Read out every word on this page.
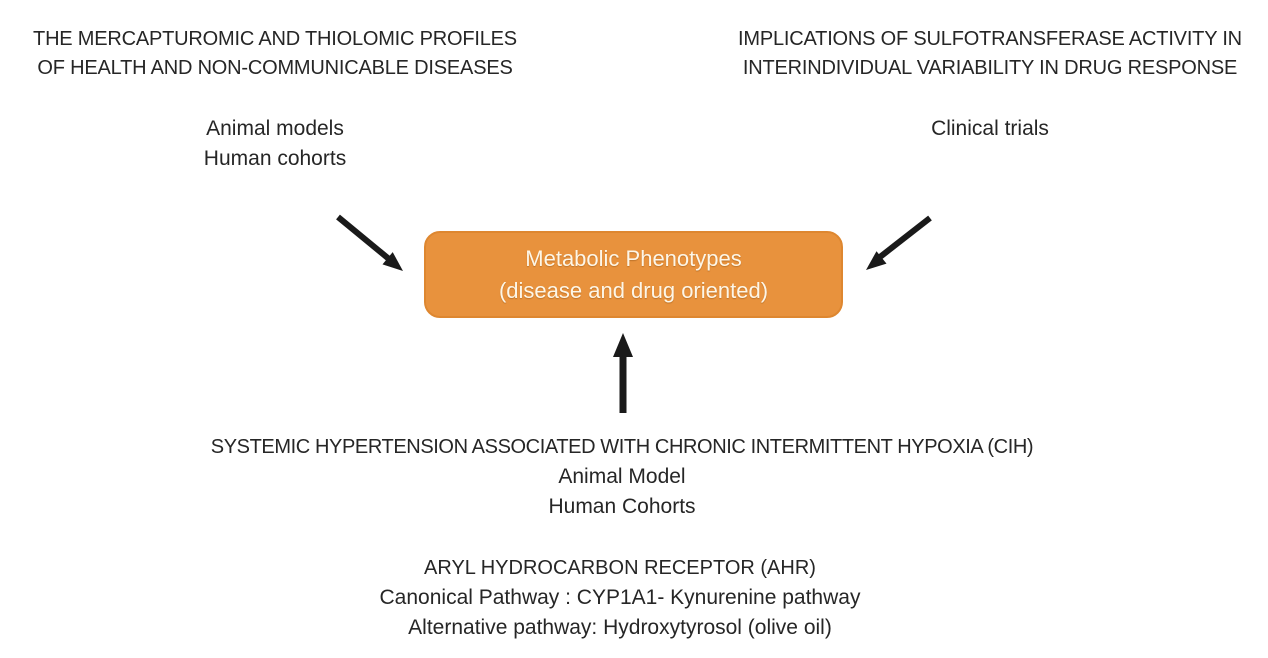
THE MERCAPTUROMIC AND THIOLOMIC PROFILES
OF HEALTH AND NON-COMMUNICABLE DISEASES
Animal models
Human cohorts
IMPLICATIONS OF SULFOTRANSFERASE ACTIVITY IN
INTERINDIVIDUAL VARIABILITY IN DRUG RESPONSE
Clinical trials
Metabolic Phenotypes
(disease and drug oriented)
SYSTEMIC HYPERTENSION ASSOCIATED WITH CHRONIC INTERMITTENT HYPOXIA (CIH)
Animal Model
Human Cohorts
ARYL HYDROCARBON RECEPTOR (AHR)
Canonical Pathway : CYP1A1- Kynurenine pathway
Alternative pathway: Hydroxytyrosol (olive oil)
